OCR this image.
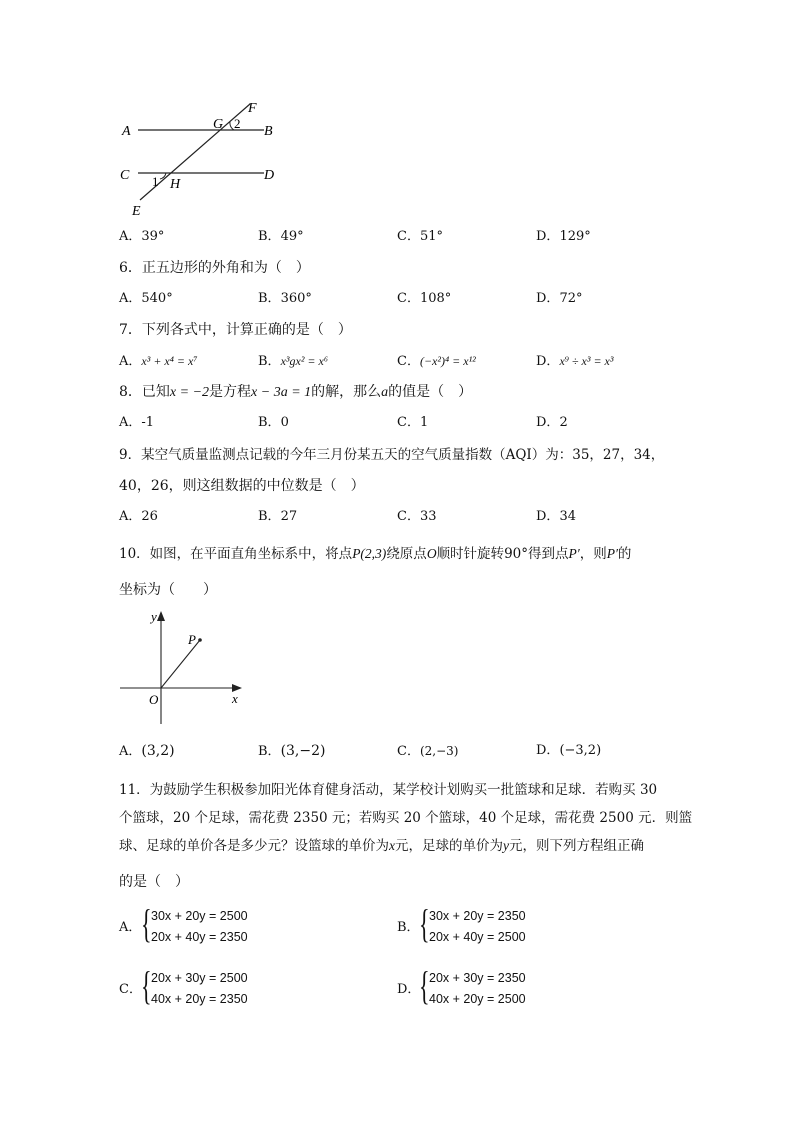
A	B
C	D
E
F
G
H
2
1
A．39°	B．49°	C．51°	D．129°
6．正五边形的外角和为（　）
A．540°	B．360°	C．108°	D．72°
7．下列各式中，计算正确的是（　）
A．x³ + x⁴ = x⁷	B．x³gx² = x⁶	C．(−x²)⁴ = x¹²	D．x⁹ ÷ x³ = x³
8．已知x = −2是方程x − 3a = 1的解，那么a的值是（　）
A．-1	B．0	C．1	D．2
9．某空气质量监测点记载的今年三月份某五天的空气质量指数（AQI）为：35，27，34，
40，26，则这组数据的中位数是（　）
A．26	B．27	C．33	D．34
10．如图，在平面直角坐标系中，将点P(2,3)绕原点O顺时针旋转90°得到点P′，则P′的
坐标为（　　）
y
x
O
P
A．(3,2)	B．(3,−2)	C．(2,−3)	D．(−3,2)
11．为鼓励学生积极参加阳光体育健身活动，某学校计划购买一批篮球和足球．若购买 30
个篮球，20 个足球，需花费 2350 元；若购买 20 个篮球，40 个足球，需花费 2500 元．则篮
球、足球的单价各是多少元？设篮球的单价为x元，足球的单价为y元，则下列方程组正确
的是（　）
A． { 30x + 20y = 2500
20x + 40y = 2350
B． { 30x + 20y = 2350
20x + 40y = 2500
C． { 20x + 30y = 2500
40x + 20y = 2350
D．
{ 20x + 30y = 2350
40x + 20y = 2500
